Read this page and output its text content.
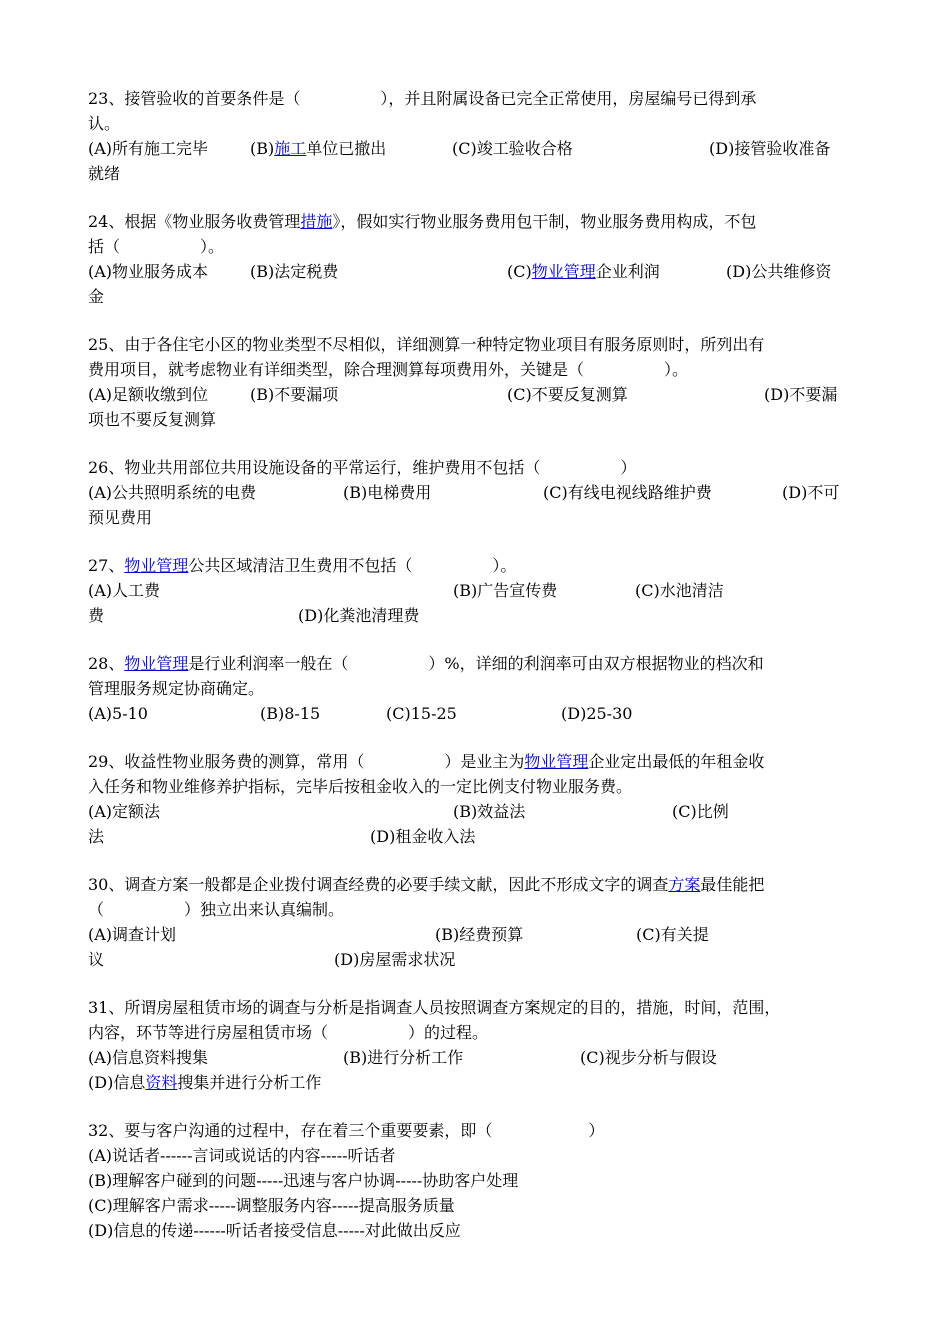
23、接管验收的首要条件是（　　　　　），并且附属设备已完全正常使用，房屋编号已得到承
认。
(A)所有施工完毕	(B)施工单位已撤出	(C)竣工验收合格	(D)接管验收准备
就绪
24、根据《物业服务收费管理措施》，假如实行物业服务费用包干制，物业服务费用构成，不包
括（　　　　　）。
(A)物业服务成本	(B)法定税费	(C)物业管理企业利润	(D)公共维修资
金
25、由于各住宅小区的物业类型不尽相似，详细测算一种特定物业项目有服务原则时，所列出有
费用项目，就考虑物业有详细类型，除合理测算每项费用外，关键是（　　　　　）。
(A)足额收缴到位	(B)不要漏项	(C)不要反复测算	(D)不要漏
项也不要反复测算
26、物业共用部位共用设施设备的平常运行，维护费用不包括（　　　　　）
(A)公共照明系统的电费	(B)电梯费用	(C)有线电视线路维护费	(D)不可
预见费用
27、物业管理公共区域清洁卫生费用不包括（　　　　　）。
(A)人工费	(B)广告宣传费	(C)水池清洁
费	(D)化粪池清理费
28、物业管理是行业利润率一般在（　　　　　）%，详细的利润率可由双方根据物业的档次和
管理服务规定协商确定。
(A)5-10	(B)8-15	(C)15-25	(D)25-30
29、收益性物业服务费的测算，常用（　　　　　）是业主为物业管理企业定出最低的年租金收
入任务和物业维修养护指标，完毕后按租金收入的一定比例支付物业服务费。
(A)定额法	(B)效益法	(C)比例
法	(D)租金收入法
30、调查方案一般都是企业拨付调查经费的必要手续文献，因此不形成文字的调查方案最佳能把
（　　　　　）独立出来认真编制。
(A)调查计划	(B)经费预算	(C)有关提
议	(D)房屋需求状况
31、所谓房屋租赁市场的调查与分析是指调查人员按照调查方案规定的目的，措施，时间，范围，
内容，环节等进行房屋租赁市场（　　　　　）的过程。
(A)信息资料搜集	(B)进行分析工作	(C)视步分析与假设
(D)信息资料搜集并进行分析工作
32、要与客户沟通的过程中，存在着三个重要要素，即（　　　　　　）
(A)说话者------言词或说话的内容-----听话者
(B)理解客户碰到的问题-----迅速与客户协调-----协助客户处理
(C)理解客户需求-----调整服务内容-----提高服务质量
(D)信息的传递------听话者接受信息-----对此做出反应
